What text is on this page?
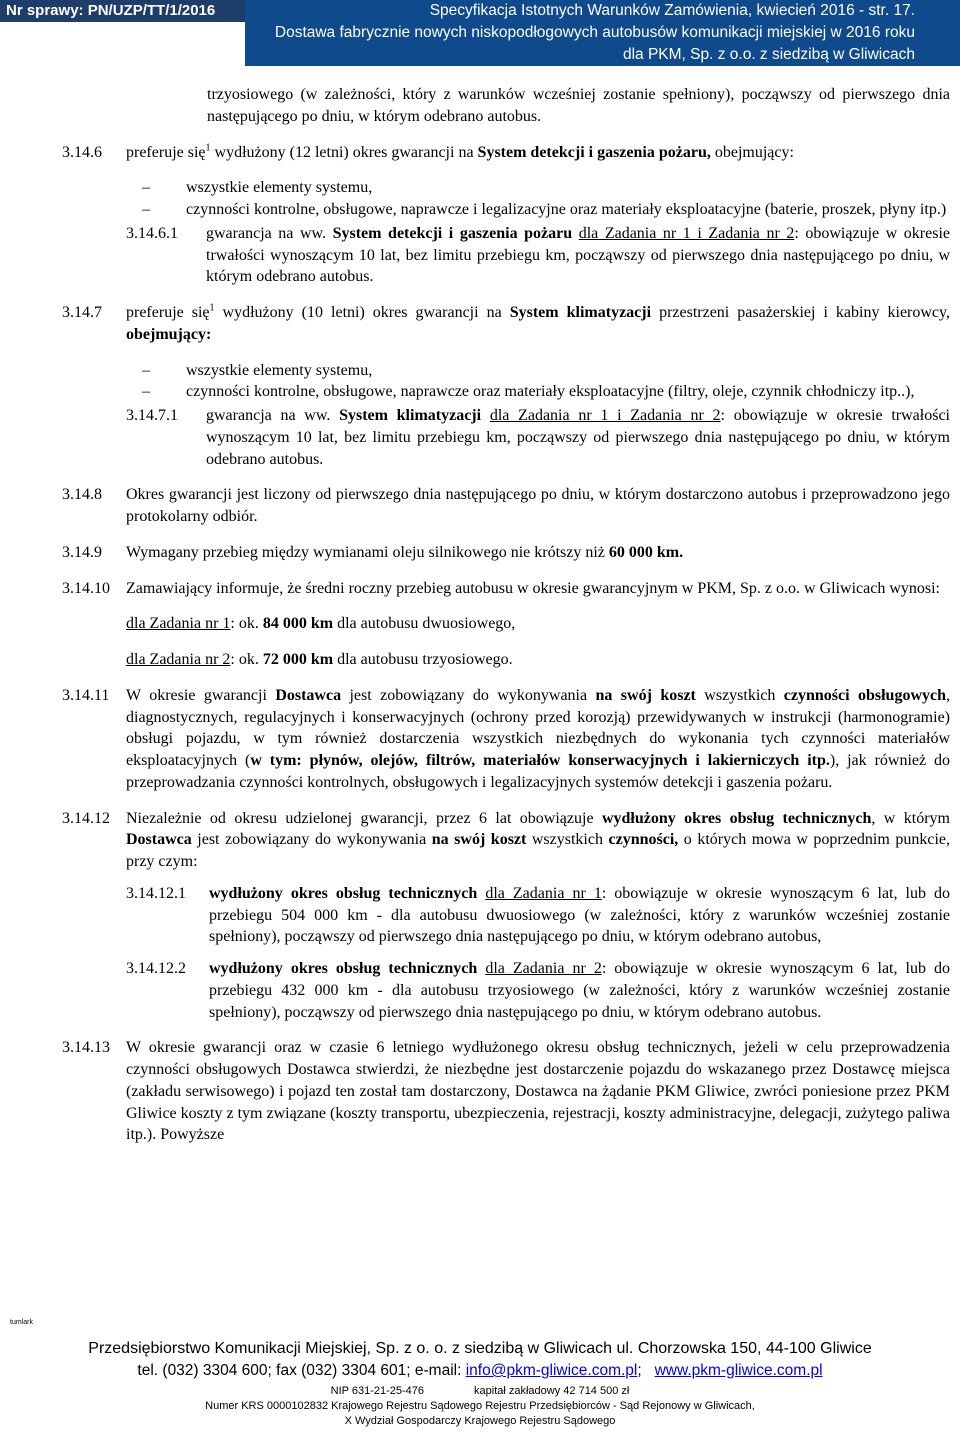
Nr sprawy: PN/UZP/TT/1/2016	Specyfikacja Istotnych Warunków Zamówienia, kwiecień 2016 - str. 17.
Dostawa fabrycznie nowych niskopodłogowych autobusów komunikacji miejskiej w 2016 roku
dla PKM, Sp. z o.o. z siedzibą w Gliwicach

trzyosiowego (w zależności, który z warunków wcześniej zostanie spełniony), począwszy od pierwszego dnia następującego po dniu, w którym odebrano autobus.

3.14.6	preferuje się$^1$ wydłużony (12 letni) okres gwarancji na System detekcji i gaszenia pożaru, obejmujący:
– wszystkie elementy systemu,
– czynności kontrolne, obsługowe, naprawcze i legalizacyjne oraz materiały eksploatacyjne (baterie, proszek, płyny itp.)
3.14.6.1	gwarancja na ww. System detekcji i gaszenia pożaru dla Zadania nr 1 i Zadania nr 2: obowiązuje w okresie trwałości wynoszącym 10 lat, bez limitu przebiegu km, począwszy od pierwszego dnia następującego po dniu, w którym odebrano autobus.
3.14.7	preferuje się$^1$ wydłużony (10 letni) okres gwarancji na System klimatyzacji przestrzeni pasażerskiej i kabiny kierowcy, obejmujący:
– wszystkie elementy systemu,
– czynności kontrolne, obsługowe, naprawcze oraz materiały eksploatacyjne (filtry, oleje, czynnik chłodniczy itp..),
3.14.7.1	gwarancja na ww. System klimatyzacji dla Zadania nr 1 i Zadania nr 2: obowiązuje w okresie trwałości wynoszącym 10 lat, bez limitu przebiegu km, począwszy od pierwszego dnia następującego po dniu, w którym odebrano autobus.
3.14.8	Okres gwarancji jest liczony od pierwszego dnia następującego po dniu, w którym dostarczono autobus i przeprowadzono jego protokolarny odbiór.
3.14.9	Wymagany przebieg między wymianami oleju silnikowego nie krótszy niż 60 000 km.
3.14.10	Zamawiający informuje, że średni roczny przebieg autobusu w okresie gwarancyjnym w PKM, Sp. z o.o. w Gliwicach wynosi:

dla Zadania nr 1: ok. 84 000 km dla autobusu dwuosiowego,

dla Zadania nr 2: ok. 72 000 km dla autobusu trzyosiowego.

3.14.11	W okresie gwarancji Dostawca jest zobowiązany do wykonywania na swój koszt wszystkich czynności obsługowych, diagnostycznych, regulacyjnych i konserwacyjnych (ochrony przed korozją) przewidywanych w instrukcji (harmonogramie) obsługi pojazdu, w tym również dostarczenia wszystkich niezbędnych do wykonania tych czynności materiałów eksploatacyjnych (w tym: płynów, olejów, filtrów, materiałów konserwacyjnych i lakierniczych itp.), jak również do przeprowadzania czynności kontrolnych, obsługowych i legalizacyjnych systemów detekcji i gaszenia pożaru.
3.14.12	Niezależnie od okresu udzielonej gwarancji, przez 6 lat obowiązuje wydłużony okres obsług technicznych, w którym Dostawca jest zobowiązany do wykonywania na swój koszt wszystkich czynności, o których mowa w poprzednim punkcie, przy czym:
3.14.12.1	wydłużony okres obsług technicznych dla Zadania nr 1: obowiązuje w okresie wynoszącym 6 lat, lub do przebiegu 504 000 km - dla autobusu dwuosiowego (w zależności, który z warunków wcześniej zostanie spełniony), począwszy od pierwszego dnia następującego po dniu, w którym odebrano autobus,
3.14.12.2	wydłużony okres obsług technicznych dla Zadania nr 2: obowiązuje w okresie wynoszącym 6 lat, lub do przebiegu 432 000 km - dla autobusu trzyosiowego (w zależności, który z warunków wcześniej zostanie spełniony), począwszy od pierwszego dnia następującego po dniu, w którym odebrano autobus.
3.14.13	W okresie gwarancji oraz w czasie 6 letniego wydłużonego okresu obsług technicznych, jeżeli w celu przeprowadzenia czynności obsługowych Dostawca stwierdzi, że niezbędne jest dostarczenie pojazdu do wskazanego przez Dostawcę miejsca (zakładu serwisowego) i pojazd ten został tam dostarczony, Dostawca na żądanie PKM Gliwice, zwróci poniesione przez PKM Gliwice koszty z tym związane (koszty transportu, ubezpieczenia, rejestracji, koszty administracyjne, delegacji, zużytego paliwa itp.). Powyższe
tumlark
Przedsiębiorstwo Komunikacji Miejskiej, Sp. z o. o. z siedzibą w Gliwicach ul. Chorzowska 150, 44-100 Gliwice
tel. (032) 3304 600; fax (032) 3304 601; e-mail: info@pkm-gliwice.com.pl; www.pkm-gliwice.com.pl
NIP 631-21-25-476	kapitał zakładowy 42 714 500 zł
Numer KRS 0000102832 Krajowego Rejestru Sądowego Rejestru Przedsiębiorców - Sąd Rejonowy w Gliwicach,
X Wydział Gospodarczy Krajowego Rejestru Sądowego
